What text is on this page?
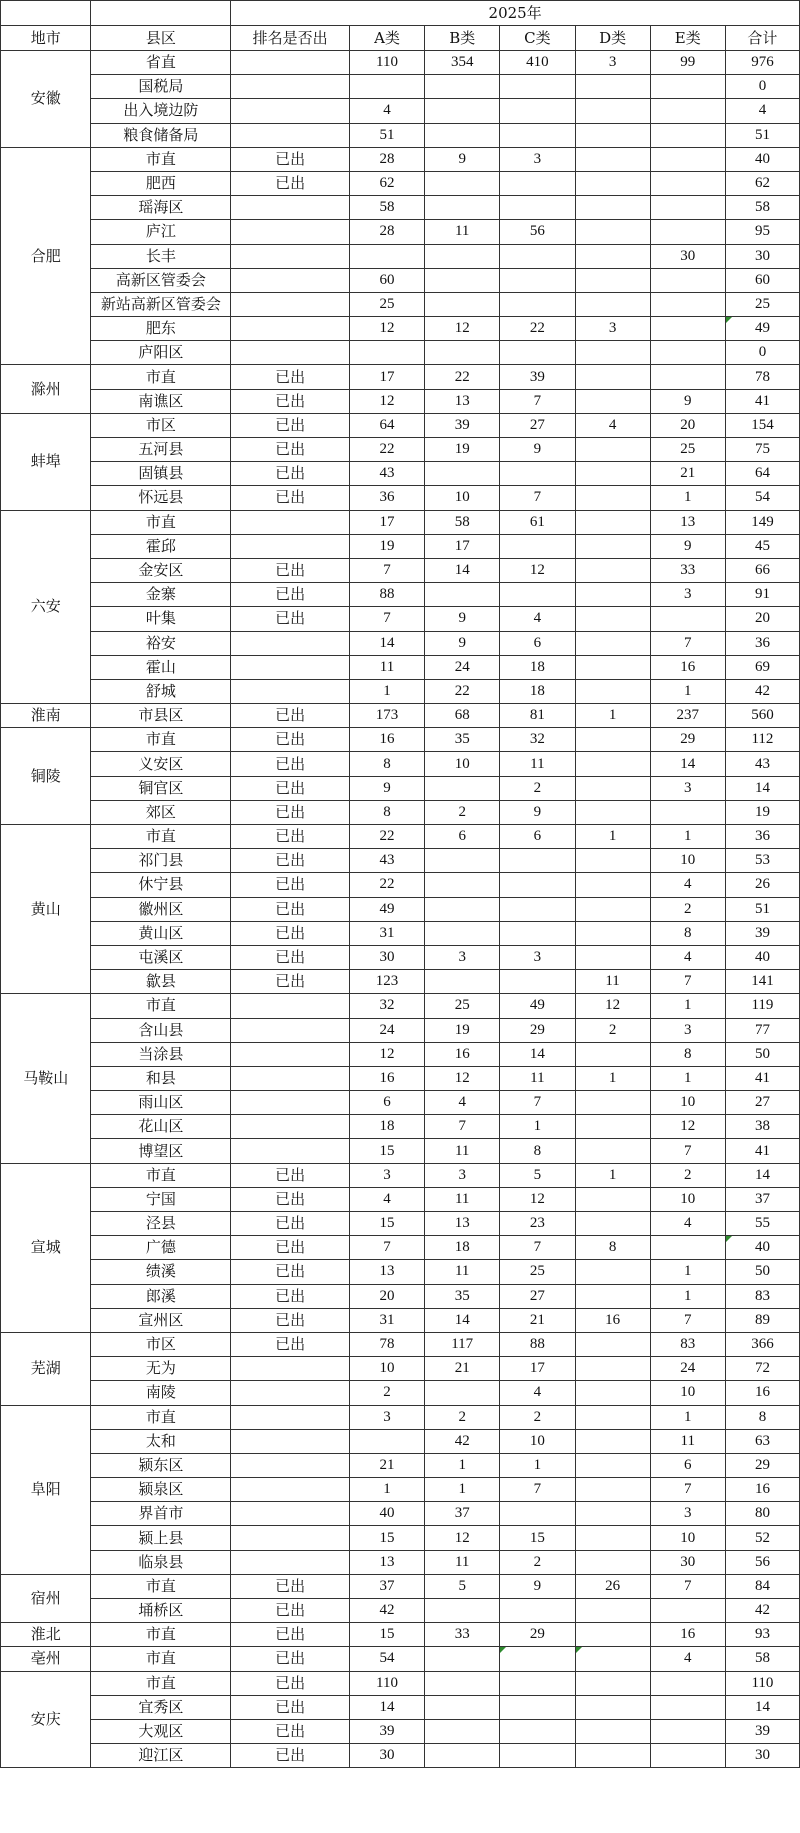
		2025年						
地市	县区	排名是否出	A类	B类	C类	D类	E类	合计
安徽	省直		110	354	410	3	99	976
	国税局							0
	出入境边防		4					4
	粮食储备局		51					51
合肥	市直	已出	28	9	3			40
	肥西	已出	62					62
	瑶海区		58					58
	庐江		28	11	56			95
	长丰						30	30
	高新区管委会		60					60
	新站高新区管委会		25					25
	肥东		12	12	22	3		49
	庐阳区							0
滁州	市直	已出	17	22	39			78
	南谯区	已出	12	13	7		9	41
蚌埠	市区	已出	64	39	27	4	20	154
	五河县	已出	22	19	9		25	75
	固镇县	已出	43				21	64
	怀远县	已出	36	10	7		1	54
六安	市直		17	58	61		13	149
	霍邱		19	17			9	45
	金安区	已出	7	14	12		33	66
	金寨	已出	88				3	91
	叶集	已出	7	9	4			20
	裕安		14	9	6		7	36
	霍山		11	24	18		16	69
	舒城		1	22	18		1	42
淮南	市县区	已出	173	68	81	1	237	560
铜陵	市直	已出	16	35	32		29	112
	义安区	已出	8	10	11		14	43
	铜官区	已出	9		2		3	14
	郊区	已出	8	2	9			19
黄山	市直	已出	22	6	6	1	1	36
	祁门县	已出	43				10	53
	休宁县	已出	22				4	26
	徽州区	已出	49				2	51
	黄山区	已出	31				8	39
	屯溪区	已出	30	3	3		4	40
	歙县	已出	123			11	7	141
马鞍山	市直		32	25	49	12	1	119
	含山县		24	19	29	2	3	77
	当涂县		12	16	14		8	50
	和县		16	12	11	1	1	41
	雨山区		6	4	7		10	27
	花山区		18	7	1		12	38
	博望区		15	11	8		7	41
宣城	市直	已出	3	3	5	1	2	14
	宁国	已出	4	11	12		10	37
	泾县	已出	15	13	23		4	55
	广德	已出	7	18	7	8		40
	绩溪	已出	13	11	25		1	50
	郎溪	已出	20	35	27		1	83
	宣州区	已出	31	14	21	16	7	89
芜湖	市区	已出	78	117	88		83	366
	无为		10	21	17		24	72
	南陵		2		4		10	16
阜阳	市直		3	2	2		1	8
	太和			42	10		11	63
	颍东区		21	1	1		6	29
	颍泉区		1	1	7		7	16
	界首市		40	37			3	80
	颍上县		15	12	15		10	52
	临泉县		13	11	2		30	56
宿州	市直	已出	37	5	9	26	7	84
	埇桥区	已出	42					42
淮北	市直	已出	15	33	29		16	93
亳州	市直	已出	54				4	58
安庆	市直	已出	110					110
	宜秀区	已出	14					14
	大观区	已出	39					39
	迎江区	已出	30					30
